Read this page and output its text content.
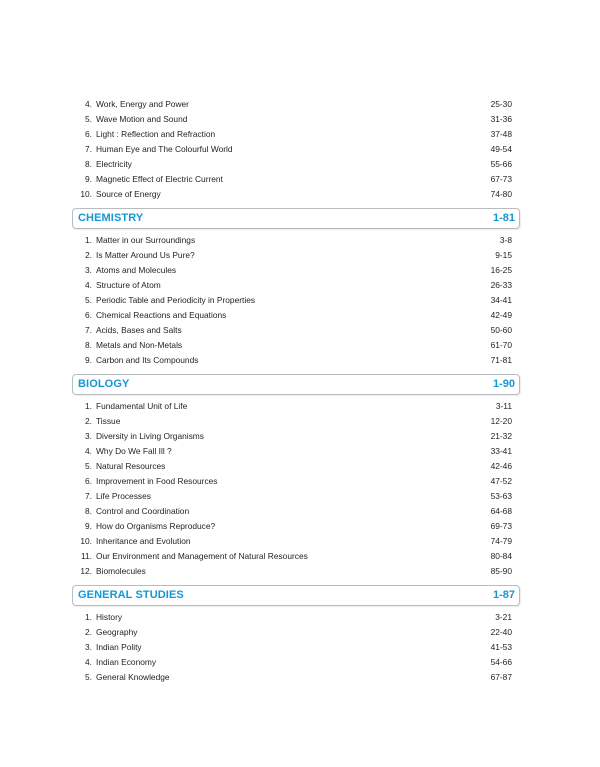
4. Work, Energy and Power	25-30
5. Wave Motion and Sound	31-36
6. Light : Reflection and Refraction	37-48
7. Human Eye and The Colourful World	49-54
8. Electricity	55-66
9. Magnetic Effect of Electric Current	67-73
10. Source of Energy	74-80
CHEMISTRY	1-81
1. Matter in our Surroundings	3-8
2. Is Matter Around Us Pure?	9-15
3. Atoms and Molecules	16-25
4. Structure of Atom	26-33
5. Periodic Table and Periodicity in Properties	34-41
6. Chemical Reactions and Equations	42-49
7. Acids, Bases and Salts	50-60
8. Metals and Non-Metals	61-70
9. Carbon and Its Compounds	71-81
BIOLOGY	1-90
1. Fundamental Unit of Life	3-11
2. Tissue	12-20
3. Diversity in Living Organisms	21-32
4. Why Do We Fall Ill ?	33-41
5. Natural Resources	42-46
6. Improvement in Food Resources	47-52
7. Life Processes	53-63
8. Control and Coordination	64-68
9. How do Organisms Reproduce?	69-73
10. Inheritance and Evolution	74-79
11. Our Environment and Management of Natural Resources	80-84
12. Biomolecules	85-90
GENERAL STUDIES	1-87
1. History	3-21
2. Geography	22-40
3. Indian Polity	41-53
4. Indian Economy	54-66
5. General Knowledge	67-87
